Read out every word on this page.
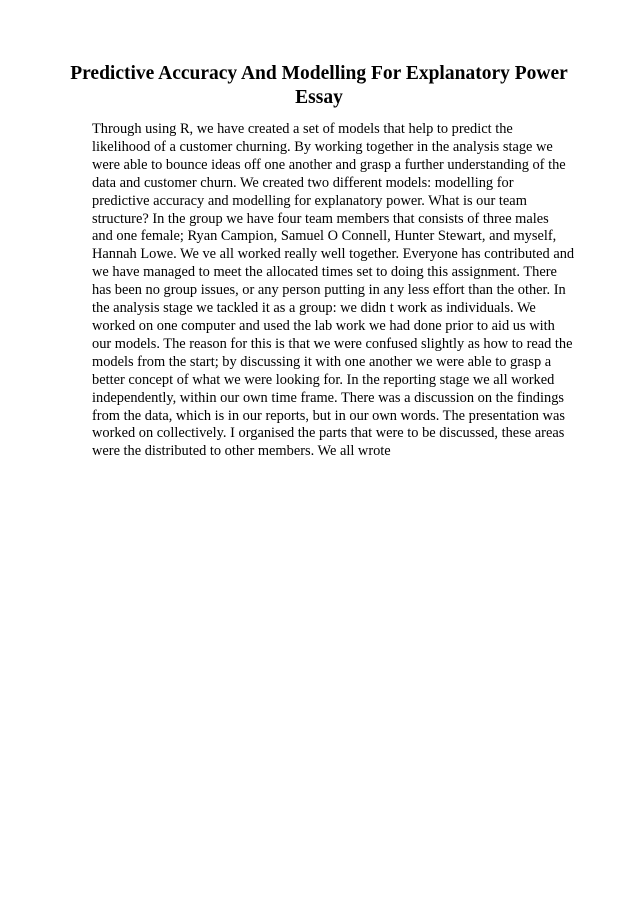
Predictive Accuracy And Modelling For Explanatory Power
Essay
Through using R, we have created a set of models that help to predict the
likelihood of a customer churning. By working together in the analysis stage we
were able to bounce ideas off one another and grasp a further understanding of the
data and customer churn. We created two different models: modelling for
predictive accuracy and modelling for explanatory power. What is our team
structure? In the group we have four team members that consists of three males
and one female; Ryan Campion, Samuel O Connell, Hunter Stewart, and myself,
Hannah Lowe. We ve all worked really well together. Everyone has contributed and
we have managed to meet the allocated times set to doing this assignment. There
has been no group issues, or any person putting in any less effort than the other. In
the analysis stage we tackled it as a group: we didn t work as individuals. We
worked on one computer and used the lab work we had done prior to aid us with
our models. The reason for this is that we were confused slightly as how to read the
models from the start; by discussing it with one another we were able to grasp a
better concept of what we were looking for. In the reporting stage we all worked
independently, within our own time frame. There was a discussion on the findings
from the data, which is in our reports, but in our own words. The presentation was
worked on collectively. I organised the parts that were to be discussed, these areas
were the distributed to other members. We all wrote
